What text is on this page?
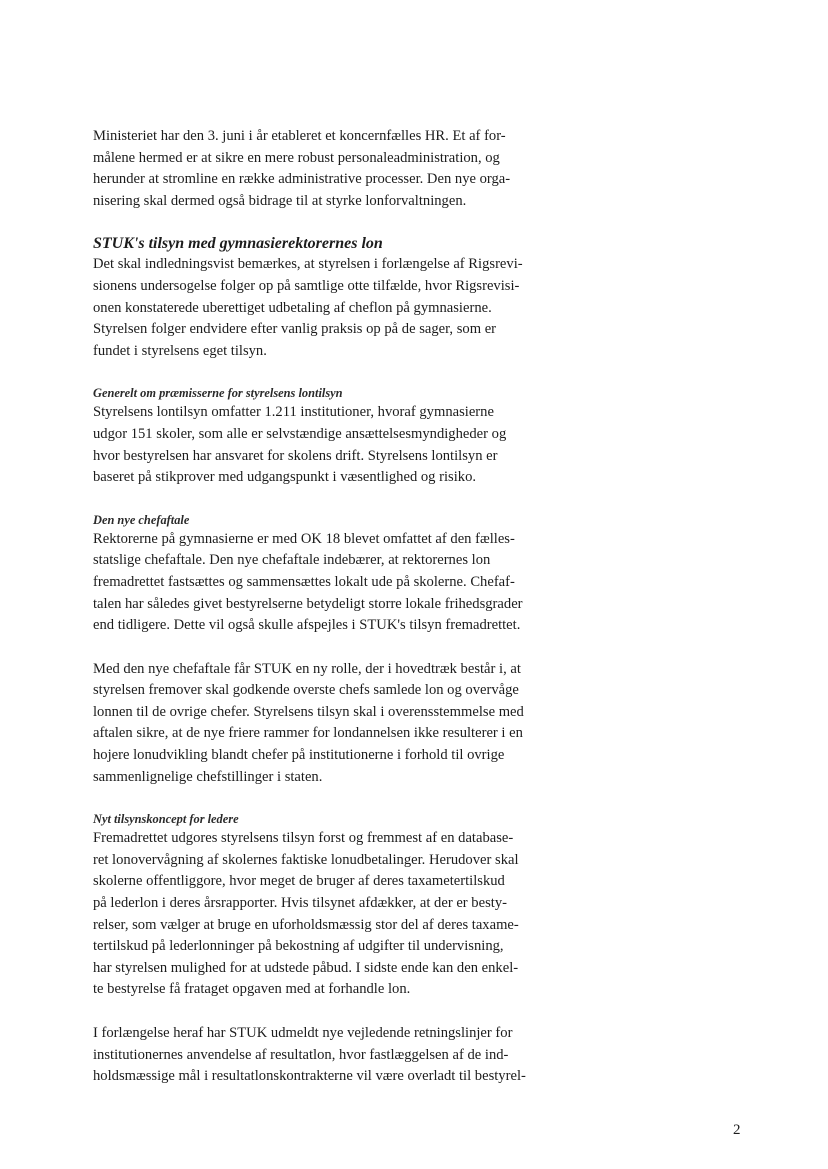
Ministeriet har den 3. juni i år etableret et koncernfælles HR. Et af for-

målene hermed er at sikre en mere robust personaleadministration, og

herunder at stromline en række administrative processer. Den nye orga-

nisering skal dermed også bidrage til at styrke lonforvaltningen.

STUK's tilsyn med gymnasierektorernes lon

Det skal indledningsvist bemærkes, at styrelsen i forlængelse af Rigsrevi-

sionens undersogelse folger op på samtlige otte tilfælde, hvor Rigsrevisi-

onen konstaterede uberettiget udbetaling af cheflon på gymnasierne.

Styrelsen folger endvidere efter vanlig praksis op på de sager, som er

fundet i styrelsens eget tilsyn.

Generelt om præmisserne for styrelsens lontilsyn

Styrelsens lontilsyn omfatter 1.211 institutioner, hvoraf gymnasierne

udgor 151 skoler, som alle er selvstændige ansættelsesmyndigheder og

hvor bestyrelsen har ansvaret for skolens drift. Styrelsens lontilsyn er

baseret på stikprover med udgangspunkt i væsentlighed og risiko.

Den nye chefaftale

Rektorerne på gymnasierne er med OK 18 blevet omfattet af den fælles-

statslige chefaftale. Den nye chefaftale indebærer, at rektorernes lon

fremadrettet fastsættes og sammensættes lokalt ude på skolerne. Chefaf-

talen har således givet bestyrelserne betydeligt storre lokale frihedsgrader

end tidligere. Dette vil også skulle afspejles i STUK's tilsyn fremadrettet.

Med den nye chefaftale får STUK en ny rolle, der i hovedtræk består i, at

styrelsen fremover skal godkende overste chefs samlede lon og overvåge

lonnen til de ovrige chefer. Styrelsens tilsyn skal i overensstemmelse med

aftalen sikre, at de nye friere rammer for londannelsen ikke resulterer i en

hojere lonudvikling blandt chefer på institutionerne i forhold til ovrige

sammenlignelige chefstillinger i staten.

Nyt tilsynskoncept for ledere

Fremadrettet udgores styrelsens tilsyn forst og fremmest af en database-

ret lonovervågning af skolernes faktiske lonudbetalinger. Herudover skal

skolerne offentliggore, hvor meget de bruger af deres taxametertilskud

på lederlon i deres årsrapporter. Hvis tilsynet afdækker, at der er besty-

relser, som vælger at bruge en uforholdsmæssig stor del af deres taxame-

tertilskud på lederlonninger på bekostning af udgifter til undervisning,

har styrelsen mulighed for at udstede påbud. I sidste ende kan den enkel-

te bestyrelse få frataget opgaven med at forhandle lon.

I forlængelse heraf har STUK udmeldt nye vejledende retningslinjer for

institutionernes anvendelse af resultatlon, hvor fastlæggelsen af de ind-

holdsmæssige mål i resultatlonskontrakterne vil være overladt til bestyrel-

2
